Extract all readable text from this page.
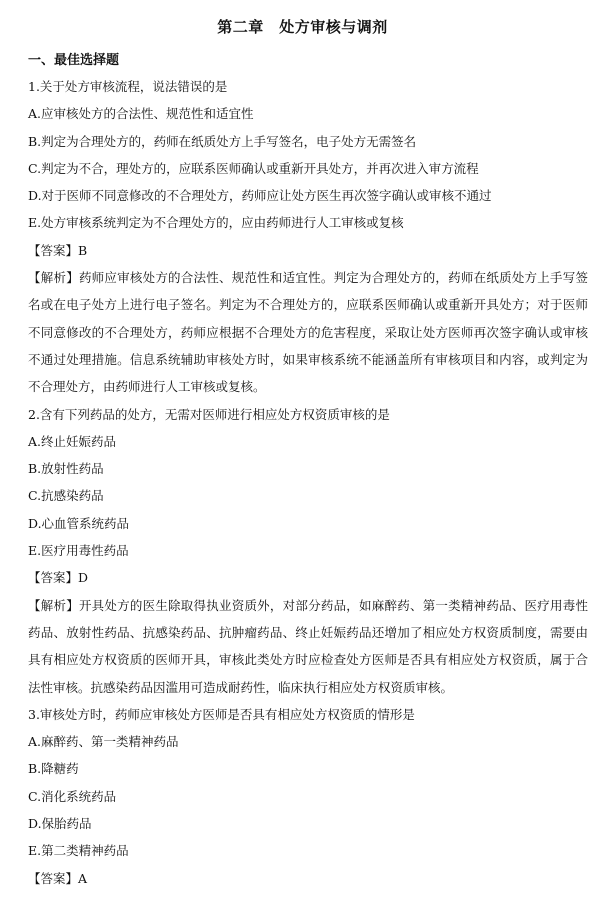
第二章　处方审核与调剂
一、最佳选择题
1.关于处方审核流程，说法错误的是
A.应审核处方的合法性、规范性和适宜性
B.判定为合理处方的，药师在纸质处方上手写签名，电子处方无需签名
C.判定为不合，理处方的，应联系医师确认或重新开具处方，并再次进入审方流程
D.对于医师不同意修改的不合理处方，药师应让处方医生再次签字确认或审核不通过
E.处方审核系统判定为不合理处方的，应由药师进行人工审核或复核
【答案】B
【解析】药师应审核处方的合法性、规范性和适宜性。判定为合理处方的，药师在纸质处方上手写签名或在电子处方上进行电子签名。判定为不合理处方的，应联系医师确认或重新开具处方；对于医师不同意修改的不合理处方，药师应根据不合理处方的危害程度，采取让处方医师再次签字确认或审核不通过处理措施。信息系统辅助审核处方时，如果审核系统不能涵盖所有审核项目和内容，或判定为不合理处方，由药师进行人工审核或复核。
2.含有下列药品的处方，无需对医师进行相应处方权资质审核的是
A.终止妊娠药品
B.放射性药品
C.抗感染药品
D.心血管系统药品
E.医疗用毒性药品
【答案】D
【解析】开具处方的医生除取得执业资质外，对部分药品，如麻醉药、第一类精神药品、医疗用毒性药品、放射性药品、抗感染药品、抗肿瘤药品、终止妊娠药品还增加了相应处方权资质制度，需要由具有相应处方权资质的医师开具，审核此类处方时应检查处方医师是否具有相应处方权资质，属于合法性审核。抗感染药品因滥用可造成耐药性，临床执行相应处方权资质审核。
3.审核处方时，药师应审核处方医师是否具有相应处方权资质的情形是
A.麻醉药、第一类精神药品
B.降糖药
C.消化系统药品
D.保胎药品
E.第二类精神药品
【答案】A
